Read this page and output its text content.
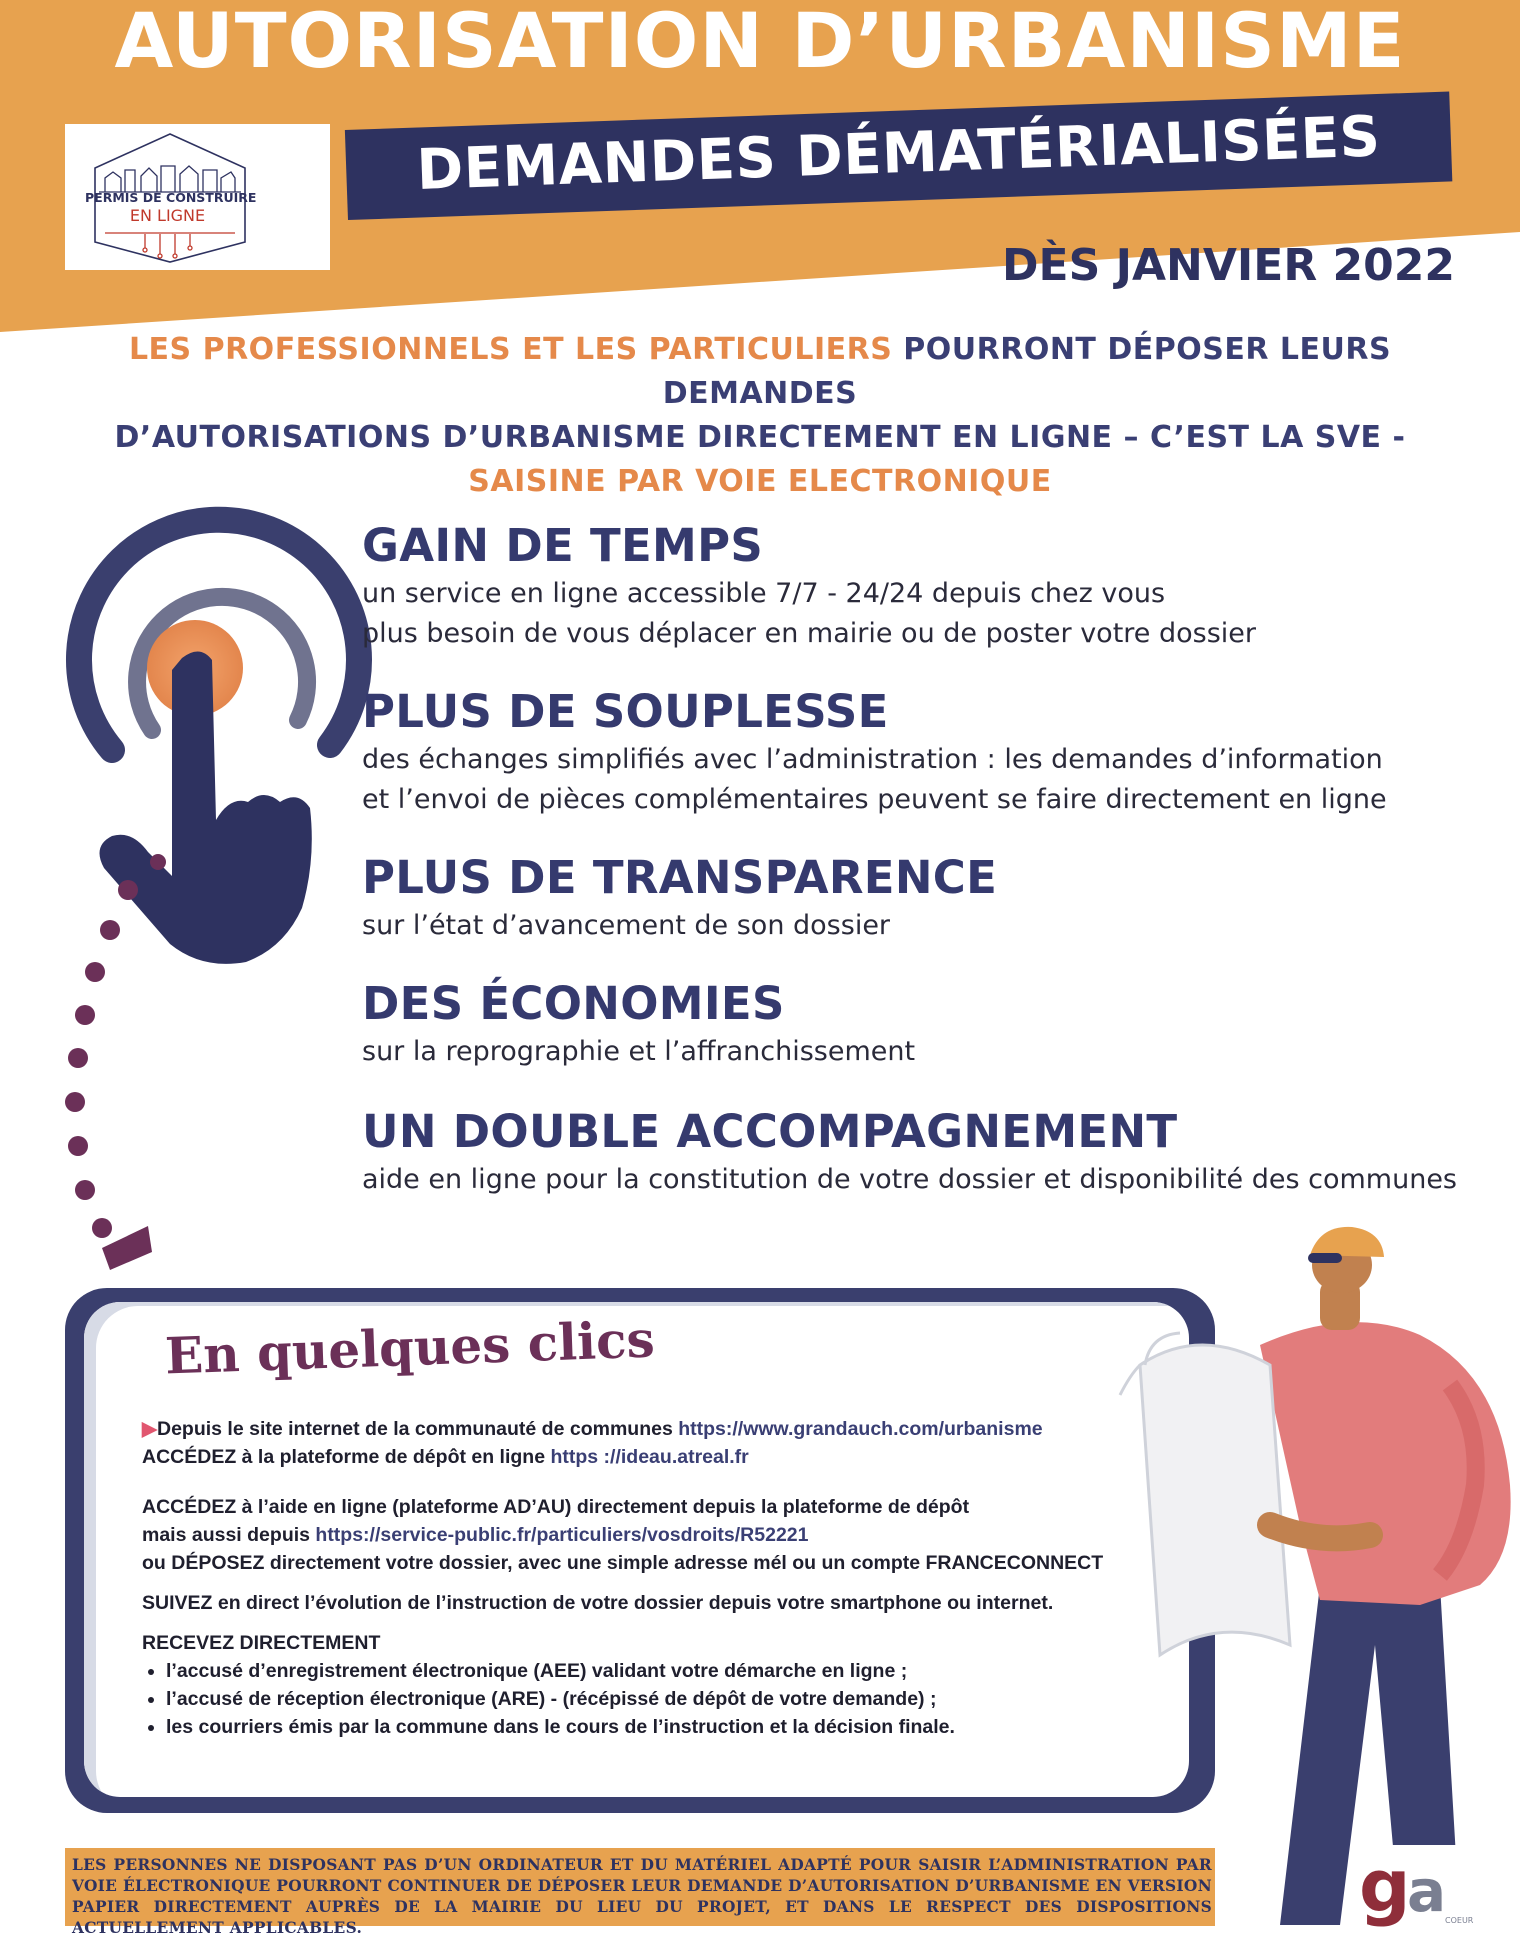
AUTORISATION D’URBANISME
PERMIS DE CONSTRUIRE
EN LIGNE
DEMANDES DÉMATÉRIALISÉES
DÈS JANVIER 2022
LES PROFESSIONNELS ET LES PARTICULIERS POURRONT DÉPOSER LEURS DEMANDES
D’AUTORISATIONS D’URBANISME DIRECTEMENT EN LIGNE – C’EST LA SVE -
SAISINE PAR VOIE ELECTRONIQUE
GAIN DE TEMPS
un service en ligne accessible 7/7 - 24/24 depuis chez vous
plus besoin de vous déplacer en mairie ou de poster votre dossier
PLUS DE SOUPLESSE
des échanges simplifiés avec l’administration : les demandes d’information
et l’envoi de pièces complémentaires peuvent se faire directement en ligne
PLUS DE TRANSPARENCE
sur l’état d’avancement de son dossier
DES ÉCONOMIES
sur la reprographie et l’affranchissement
UN DOUBLE ACCOMPAGNEMENT
aide en ligne pour la constitution de votre dossier et disponibilité des communes
En quelques clics

▶Depuis le site internet de la communauté de communes https://www.grandauch.com/urbanisme

ACCÉDEZ à la plateforme de dépôt en ligne https ://ideau.atreal.fr

ACCÉDEZ à l’aide en ligne (plateforme AD’AU) directement depuis la plateforme de dépôt

mais aussi depuis https://service-public.fr/particuliers/vosdroits/R52221

ou DÉPOSEZ directement votre dossier, avec une simple adresse mél ou un compte FRANCECONNECT

SUIVEZ en direct l’évolution de l’instruction de votre dossier depuis votre smartphone ou internet.

RECEVEZ DIRECTEMENT

• l’accusé d’enregistrement électronique (AEE) validant votre démarche en ligne ;
• l’accusé de réception électronique (ARE) - (récépissé de dépôt de votre demande) ;
• les courriers émis par la commune dans le cours de l’instruction et la décision finale.
LES PERSONNES NE DISPOSANT PAS D’UN ORDINATEUR ET DU MATÉRIEL ADAPTÉ POUR SAISIR L’ADMINISTRATION PAR VOIE ÉLECTRONIQUE POURRONT CONTINUER DE DÉPOSER LEUR DEMANDE D’AUTORISATION D’URBANISME EN VERSION PAPIER DIRECTEMENT AUPRÈS DE LA MAIRIE DU LIEU DU PROJET, ET DANS LE RESPECT DES DISPOSITIONS ACTUELLEMENT APPLICABLES.	g
a
COEUR
